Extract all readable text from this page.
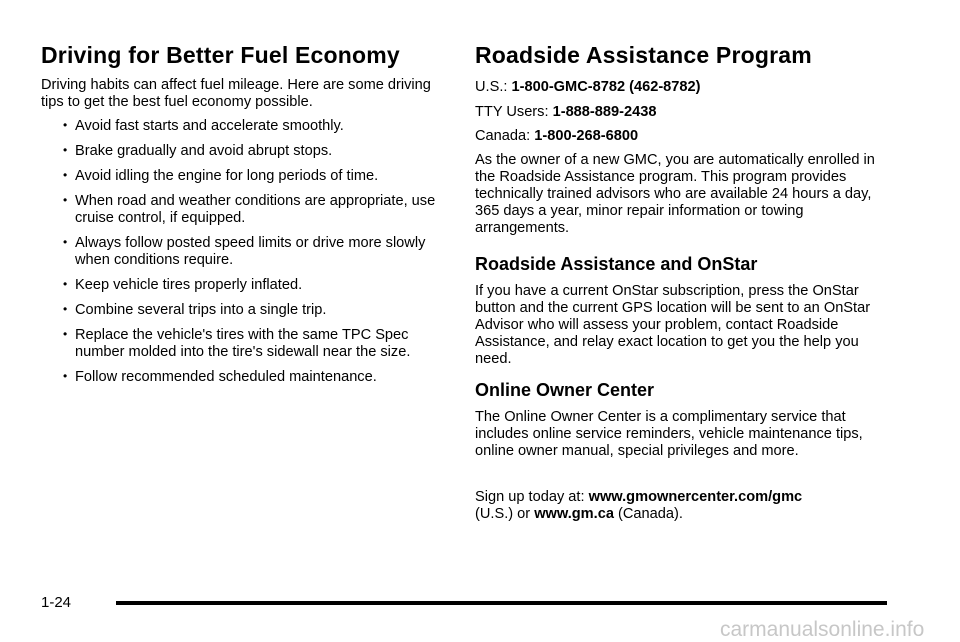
Driving for Better Fuel Economy

Driving habits can affect fuel mileage. Here are some driving tips to get the best fuel economy possible.

• Avoid fast starts and accelerate smoothly.
• Brake gradually and avoid abrupt stops.
• Avoid idling the engine for long periods of time.
• When road and weather conditions are appropriate, use cruise control, if equipped.
• Always follow posted speed limits or drive more slowly when conditions require.
• Keep vehicle tires properly inflated.
• Combine several trips into a single trip.
• Replace the vehicle's tires with the same TPC Spec number molded into the tire's sidewall near the size.
• Follow recommended scheduled maintenance.
Roadside Assistance Program

U.S.: 1-800-GMC-8782 (462-8782)

TTY Users: 1-888-889-2438

Canada: 1-800-268-6800

As the owner of a new GMC, you are automatically enrolled in the Roadside Assistance program. This program provides technically trained advisors who are available 24 hours a day, 365 days a year, minor repair information or towing arrangements.

Roadside Assistance and OnStar

If you have a current OnStar subscription, press the OnStar button and the current GPS location will be sent to an OnStar Advisor who will assess your problem, contact Roadside Assistance, and relay exact location to get you the help you need.

Online Owner Center

The Online Owner Center is a complimentary service that includes online service reminders, vehicle maintenance tips, online owner manual, special privileges and more.

Sign up today at: www.gmownercenter.com/gmc
(U.S.) or www.gm.ca (Canada).

1-24
carmanualsonline.info
